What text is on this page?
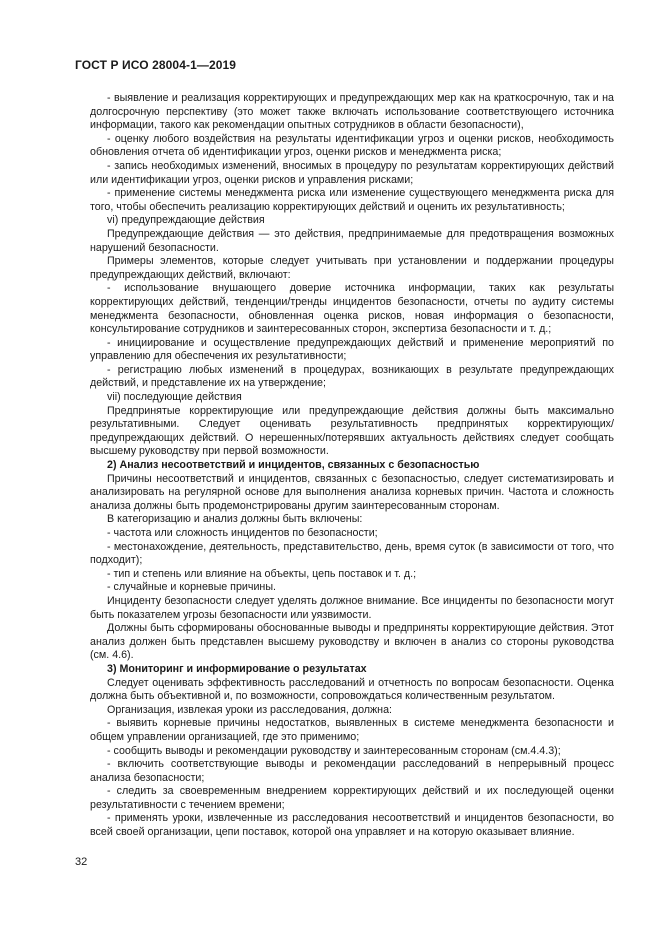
ГОСТ Р ИСО 28004-1—2019

- выявление и реализация корректирующих и предупреждающих мер как на краткосрочную, так и на долгосрочную перспективу (это может также включать использование соответствующего источника информации, такого как рекомендации опытных сотрудников в области безопасности),

- оценку любого воздействия на результаты идентификации угроз и оценки рисков, необходимость обновления отчета об идентификации угроз, оценки рисков и менеджмента риска;

- запись необходимых изменений, вносимых в процедуру по результатам корректирующих действий или идентификации угроз, оценки рисков и управления рисками;

- применение системы менеджмента риска или изменение существующего менеджмента риска для того, чтобы обеспечить реализацию корректирующих действий и оценить их результативность;

vi) предупреждающие действия

Предупреждающие действия — это действия, предпринимаемые для предотвращения возможных нарушений безопасности.

Примеры элементов, которые следует учитывать при установлении и поддержании процедуры предупреждающих действий, включают:

- использование внушающего доверие источника информации, таких как результаты корректирующих действий, тенденции/тренды инцидентов безопасности, отчеты по аудиту системы менеджмента безопасности, обновленная оценка рисков, новая информация о безопасности, консультирование сотрудников и заинтересованных сторон, экспертиза безопасности и т. д.;

- инициирование и осуществление предупреждающих действий и применение мероприятий по управлению для обеспечения их результативности;

- регистрацию любых изменений в процедурах, возникающих в результате предупреждающих действий, и представление их на утверждение;

vii) последующие действия

Предпринятые корректирующие или предупреждающие действия должны быть максимально результативными. Следует оценивать результативность предпринятых корректирующих/предупреждающих действий. О нерешенных/потерявших актуальность действиях следует сообщать высшему руководству при первой возможности.

2) Анализ несоответствий и инцидентов, связанных с безопасностью

Причины несоответствий и инцидентов, связанных с безопасностью, следует систематизировать и анализировать на регулярной основе для выполнения анализа корневых причин. Частота и сложность анализа должны быть продемонстрированы другим заинтересованным сторонам.

В категоризацию и анализ должны быть включены:

- частота или сложность инцидентов по безопасности;

- местонахождение, деятельность, представительство, день, время суток (в зависимости от того, что подходит);

- тип и степень или влияние на объекты, цепь поставок и т. д.;

- случайные и корневые причины.

Инциденту безопасности следует уделять должное внимание. Все инциденты по безопасности могут быть показателем угрозы безопасности или уязвимости.

Должны быть сформированы обоснованные выводы и предприняты корректирующие действия. Этот анализ должен быть представлен высшему руководству и включен в анализ со стороны руководства (см. 4.6).

3) Мониторинг и информирование о результатах

Следует оценивать эффективность расследований и отчетность по вопросам безопасности. Оценка должна быть объективной и, по возможности, сопровождаться количественным результатом.

Организация, извлекая уроки из расследования, должна:

- выявить корневые причины недостатков, выявленных в системе менеджмента безопасности и общем управлении организацией, где это применимо;

- сообщить выводы и рекомендации руководству и заинтересованным сторонам (см.4.4.3);

- включить соответствующие выводы и рекомендации расследований в непрерывный процесс анализа безопасности;

- следить за своевременным внедрением корректирующих действий и их последующей оценки результативности с течением времени;

- применять уроки, извлеченные из расследования несоответствий и инцидентов безопасности, во всей своей организации, цепи поставок, которой она управляет и на которую оказывает влияние.

32
